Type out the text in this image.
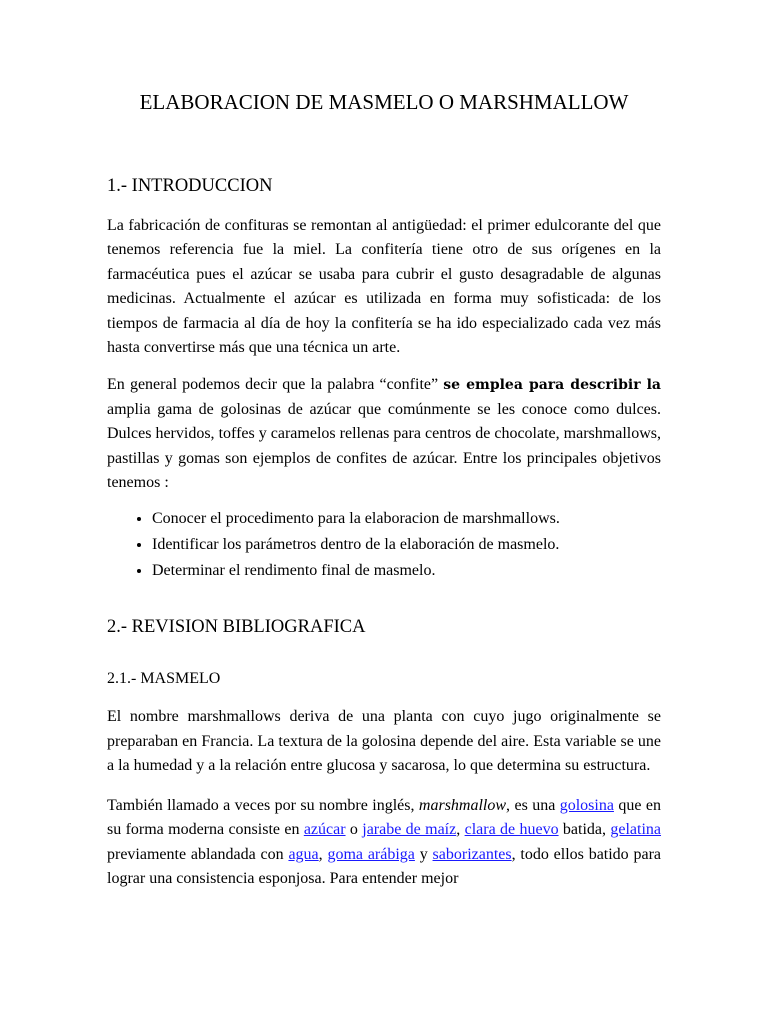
ELABORACION DE MASMELO O MARSHMALLOW
1.- INTRODUCCION

La fabricación de confituras se remontan al antigüedad: el primer edulcorante del que tenemos referencia fue la miel. La confitería tiene otro de sus orígenes en la farmacéutica pues el azúcar se usaba para cubrir el gusto desagradable de algunas medicinas. Actualmente el azúcar es utilizada en forma muy sofisticada: de los tiempos de farmacia al día de hoy la confitería se ha ido especializado cada vez más hasta convertirse más que una técnica un arte.

En general podemos decir que la palabra “confite” se emplea para describir la amplia gama de golosinas de azúcar que comúnmente se les conoce como dulces. Dulces hervidos, toffes y caramelos rellenas para centros de chocolate, marshmallows, pastillas y gomas son ejemplos de confites de azúcar. Entre los principales objetivos tenemos :

• Conocer el procedimento para la elaboracion de marshmallows.
• Identificar los parámetros dentro de la elaboración de masmelo.
• Determinar el rendimento final de masmelo.
2.- REVISION BIBLIOGRAFICA
2.1.- MASMELO

El nombre marshmallows deriva de una planta con cuyo jugo originalmente se preparaban en Francia. La textura de la golosina depende del aire. Esta variable se une a la humedad y a la relación entre glucosa y sacarosa, lo que determina su estructura.

También llamado a veces por su nombre inglés, marshmallow, es una golosina que en su forma moderna consiste en azúcar o jarabe de maíz, clara de huevo batida, gelatina previamente ablandada con agua, goma arábiga y saborizantes, todo ellos batido para lograr una consistencia esponjosa. Para entender mejor
